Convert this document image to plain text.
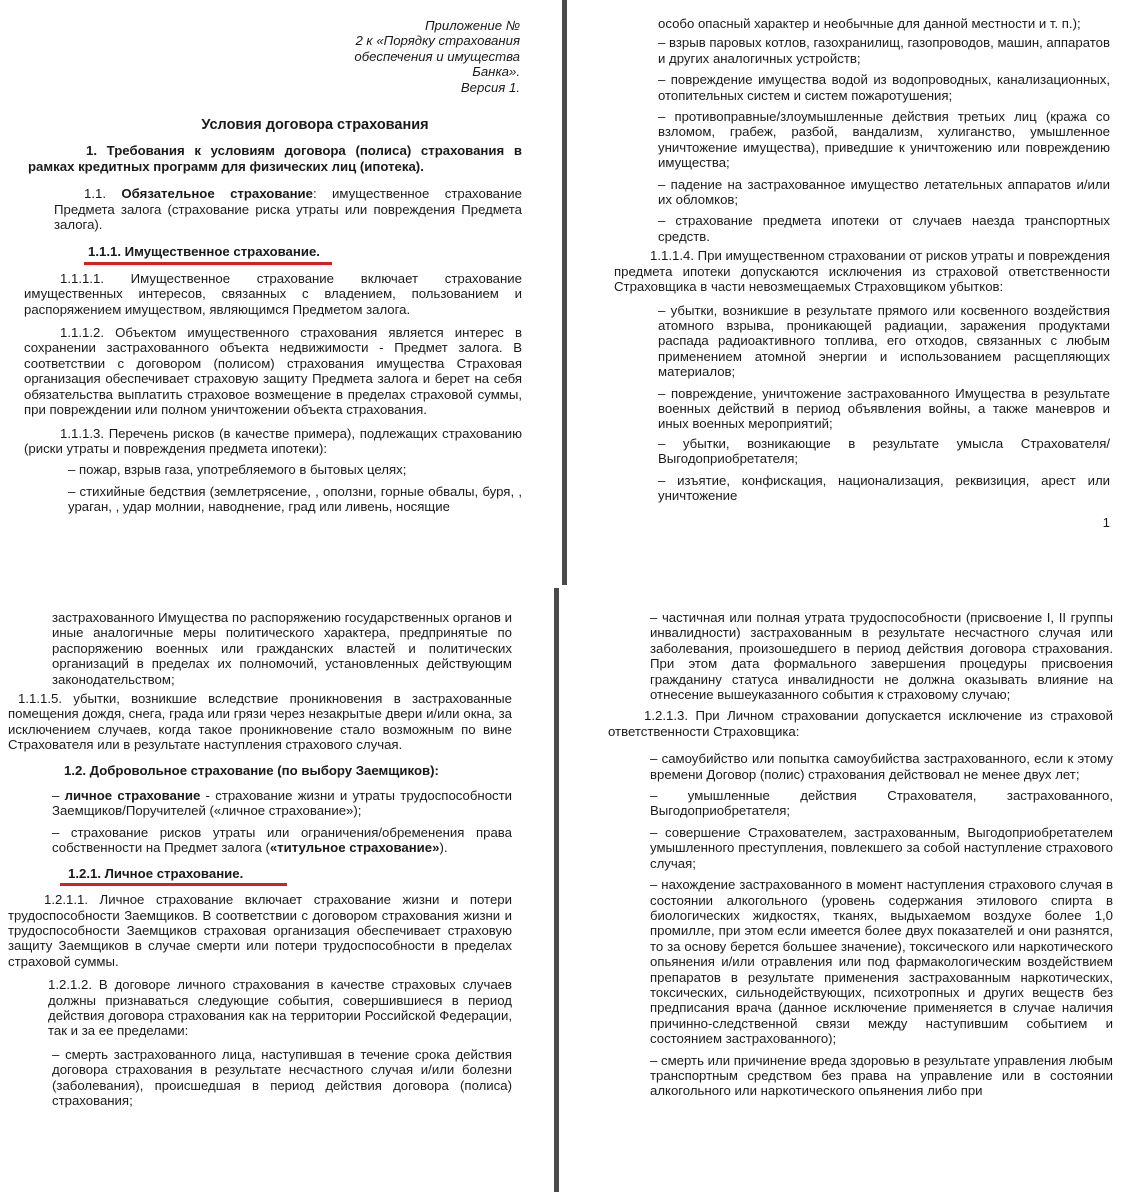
Приложение №
2 к «Порядку страхования
обеспечения и имущества
Банка».
Версия 1.
Условия договора страхования
1. Требования к условиям договора (полиса) страхования в рамках кредитных программ для физических лиц (ипотека).
1.1. Обязательное страхование: имущественное страхование Предмета залога (страхование риска утраты или повреждения Предмета залога).
1.1.1. Имущественное страхование.
1.1.1.1. Имущественное страхование включает страхование имущественных интересов, связанных с владением, пользованием и распоряжением имуществом, являющимся Предметом залога.
1.1.1.2. Объектом имущественного страхования является интерес в сохранении застрахованного объекта недвижимости - Предмет залога. В соответствии с договором (полисом) страхования имущества Страховая организация обеспечивает страховую защиту Предмета залога и берет на себя обязательства выплатить страховое возмещение в пределах страховой суммы, при повреждении или полном уничтожении объекта страхования.
1.1.1.3. Перечень рисков (в качестве примера), подлежащих страхованию (риски утраты и повреждения предмета ипотеки):
– пожар, взрыв газа, употребляемого в бытовых целях;
– стихийные бедствия (землетрясение, , оползни, горные обвалы, буря, , ураган, , удар молнии, наводнение, град или ливень, носящие
особо опасный характер и необычные для данной местности и т. п.);
– взрыв паровых котлов, газохранилищ, газопроводов, машин, аппаратов и других аналогичных устройств;
– повреждение имущества водой из водопроводных, канализационных, отопительных систем и систем пожаротушения;
– противоправные/злоумышленные действия третьих лиц (кража со взломом, грабеж, разбой, вандализм, хулиганство, умышленное уничтожение имущества), приведшие к уничтожению или повреждению имущества;
– падение на застрахованное имущество летательных аппаратов и/или их обломков;
– страхование предмета ипотеки от случаев наезда транспортных средств.
1.1.1.4. При имущественном страховании от рисков утраты и повреждения предмета ипотеки допускаются исключения из страховой ответственности Страховщика в части невозмещаемых Страховщиком убытков:
– убытки, возникшие в результате прямого или косвенного воздействия атомного взрыва, проникающей радиации, заражения продуктами распада радиоактивного топлива, его отходов, связанных с любым применением атомной энергии и использованием расщепляющих материалов;
– повреждение, уничтожение застрахованного Имущества в результате военных действий в период объявления войны, а также маневров и иных военных мероприятий;
– убытки, возникающие в результате умысла Страхователя/Выгодоприобретателя;
– изъятие, конфискация, национализация, реквизиция, арест или уничтожение
1
застрахованного Имущества по распоряжению государственных органов и иные аналогичные меры политического характера, предпринятые по распоряжению военных или гражданских властей и политических организаций в пределах их полномочий, установленных действующим законодательством;
1.1.1.5. убытки, возникшие вследствие проникновения в застрахованные помещения дождя, снега, града или грязи через незакрытые двери и/или окна, за исключением случаев, когда такое проникновение стало возможным по вине Страхователя или в результате наступления страхового случая.
1.2. Добровольное страхование (по выбору Заемщиков):
– личное страхование - страхование жизни и утраты трудоспособности Заемщиков/Поручителей («личное страхование»);
– страхование рисков утраты или ограничения/обременения права собственности на Предмет залога («титульное страхование»).
1.2.1. Личное страхование.
1.2.1.1. Личное страхование включает страхование жизни и потери трудоспособности Заемщиков. В соответствии с договором страхования жизни и трудоспособности Заемщиков страховая организация обеспечивает страховую защиту Заемщиков в случае смерти или потери трудоспособности в пределах страховой суммы.
1.2.1.2. В договоре личного страхования в качестве страховых случаев должны признаваться следующие события, совершившиеся в период действия договора страхования как на территории Российской Федерации, так и за ее пределами:
– смерть застрахованного лица, наступившая в течение срока действия договора страхования в результате несчастного случая и/или болезни (заболевания), происшедшая в период действия договора (полиса) страхования;
– частичная или полная утрата трудоспособности (присвоение I, II группы инвалидности) застрахованным в результате несчастного случая или заболевания, произошедшего в период действия договора страхования. При этом дата формального завершения процедуры присвоения гражданину статуса инвалидности не должна оказывать влияние на отнесение вышеуказанного события к страховому случаю;
1.2.1.3. При Личном страховании допускается исключение из страховой ответственности Страховщика:
– самоубийство или попытка самоубийства застрахованного, если к этому времени Договор (полис) страхования действовал не менее двух лет;
– умышленные действия Страхователя, застрахованного, Выгодоприобретателя;
– совершение Страхователем, застрахованным, Выгодоприобретателем умышленного преступления, повлекшего за собой наступление страхового случая;
– нахождение застрахованного в момент наступления страхового случая в состоянии алкогольного (уровень содержания этилового спирта в биологических жидкостях, тканях, выдыхаемом воздухе более 1,0 промилле, при этом если имеется более двух показателей и они разнятся, то за основу берется большее значение), токсического или наркотического опьянения и/или отравления или под фармакологическим воздействием препаратов в результате применения застрахованным наркотических, токсических, сильнодействующих, психотропных и других веществ без предписания врача (данное исключение применяется в случае наличия причинно-следственной связи между наступившим событием и состоянием застрахованного);
– смерть или причинение вреда здоровью в результате управления любым транспортным средством без права на управление или в состоянии алкогольного или наркотического опьянения либо при
